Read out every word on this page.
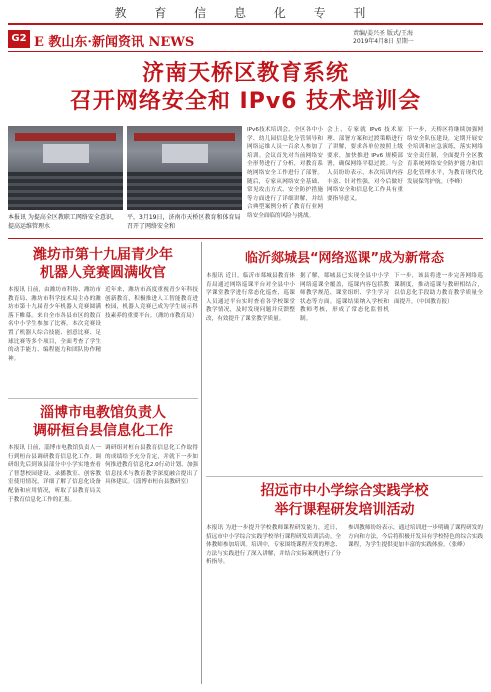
教 育 信 息 化 专 刊
G2 E 教山东·新闻资讯 NEWS
责编/姜兴圣 版式/王海
2019年4月8日 星期一
济南天桥区教育系统
召开网络安全和 IPv6 技术培训会
本报讯 为提高全区教职工网络安全意识，提高运维管理水
平，3月19日，济南市天桥区教育和体育局召开了网络安全和
IPv6技术培训会。全区各中小学、幼儿园信息化分管领导和网络运维人员一百余人参加了培训。会议首先对当前网络安全形势进行了分析，对教育系统网络安全工作进行了部署。随后，专家从网络安全基础、常见攻击方式、安全防护措施等方面进行了详细讲解，并结合典型案例分析了教育行业网络安全面临的风险与挑战。
会上，专家就 IPv6 技术原理、部署方案和过渡策略进行了讲解，要求各单位按照上级要求，加快推进 IPv6 规模部署，确保网络平稳过渡。与会人员纷纷表示，本次培训内容丰富、针对性强，对今后做好网络安全和信息化工作具有重要指导意义。
下一步，天桥区将继续加强网络安全队伍建设，定期开展安全培训和应急演练，落实网络安全责任制，全面提升全区教育系统网络安全防护能力和信息化管理水平，为教育现代化发展保驾护航。（李峰）
潍坊市第十九届青少年
机器人竞赛圆满收官
本报讯 日前，由潍坊市科协、潍坊市教育局、潍坊市科学技术局主办的潍坊市第十九届青少年机器人竞赛圆满落下帷幕。来自全市各县市区的数百名中小学生参加了比赛。本次竞赛设置了机器人综合技能、创意比赛、足球比赛等多个项目，全面考查了学生的动手能力、编程能力和团队协作精神。
近年来，潍坊市高度重视青少年科技创新教育，积极推进人工智能教育进校园，机器人竞赛已成为学生展示科技素养的重要平台。（潍坊市教育局）
淄博市电教馆负责人
调研桓台县信息化工作
本报讯 日前，淄博市电教馆负责人一行到桓台县调研教育信息化工作。调研组先后到该县部分中小学实地查看了智慧校园建设、录播教室、创客教室使用情况，详细了解了信息化设备配备和应用情况，听取了县教育局关于教育信息化工作的汇报。
调研组对桓台县教育信息化工作取得的成绩给予充分肯定，并就下一步如何推进教育信息化2.0行动计划、加强信息技术与教育教学深度融合提出了具体建议。（淄博市桓台县教研室）
临沂郯城县“网络巡课”成为新常态
本报讯 近日，临沂市郯城县教育体育局通过网络巡课平台对全县中小学课堂教学进行常态化巡查，巡课人员通过平台实时查看各学校课堂教学情况，及时发现问题并反馈整改，有效提升了课堂教学质量。
据了解，郯城县已实现全县中小学网络巡课全覆盖，巡课内容包括教师教学规范、课堂组织、学生学习状态等方面。巡课结果纳入学校和教师考核，形成了常态化监督机制。
下一步，该县将进一步完善网络巡课制度，推动巡课与教研相结合，以信息化手段助力教育教学质量全面提升。（中国教育报）
招远市中小学综合实践学校
举行课程研发培训活动
本报讯 为进一步提升学校教师课程研发能力，近日，招远市中小学综合实践学校举行课程研发培训活动。全体教师参加培训。培训中，专家围绕课程开发的理念、方法与实践进行了深入讲解，并结合实际案例进行了分析指导。
参训教师纷纷表示，通过培训进一步明确了课程研发的方向和方法，今后将积极开发具有学校特色的综合实践课程，为学生提供更加丰富的实践体验。（张峰）
